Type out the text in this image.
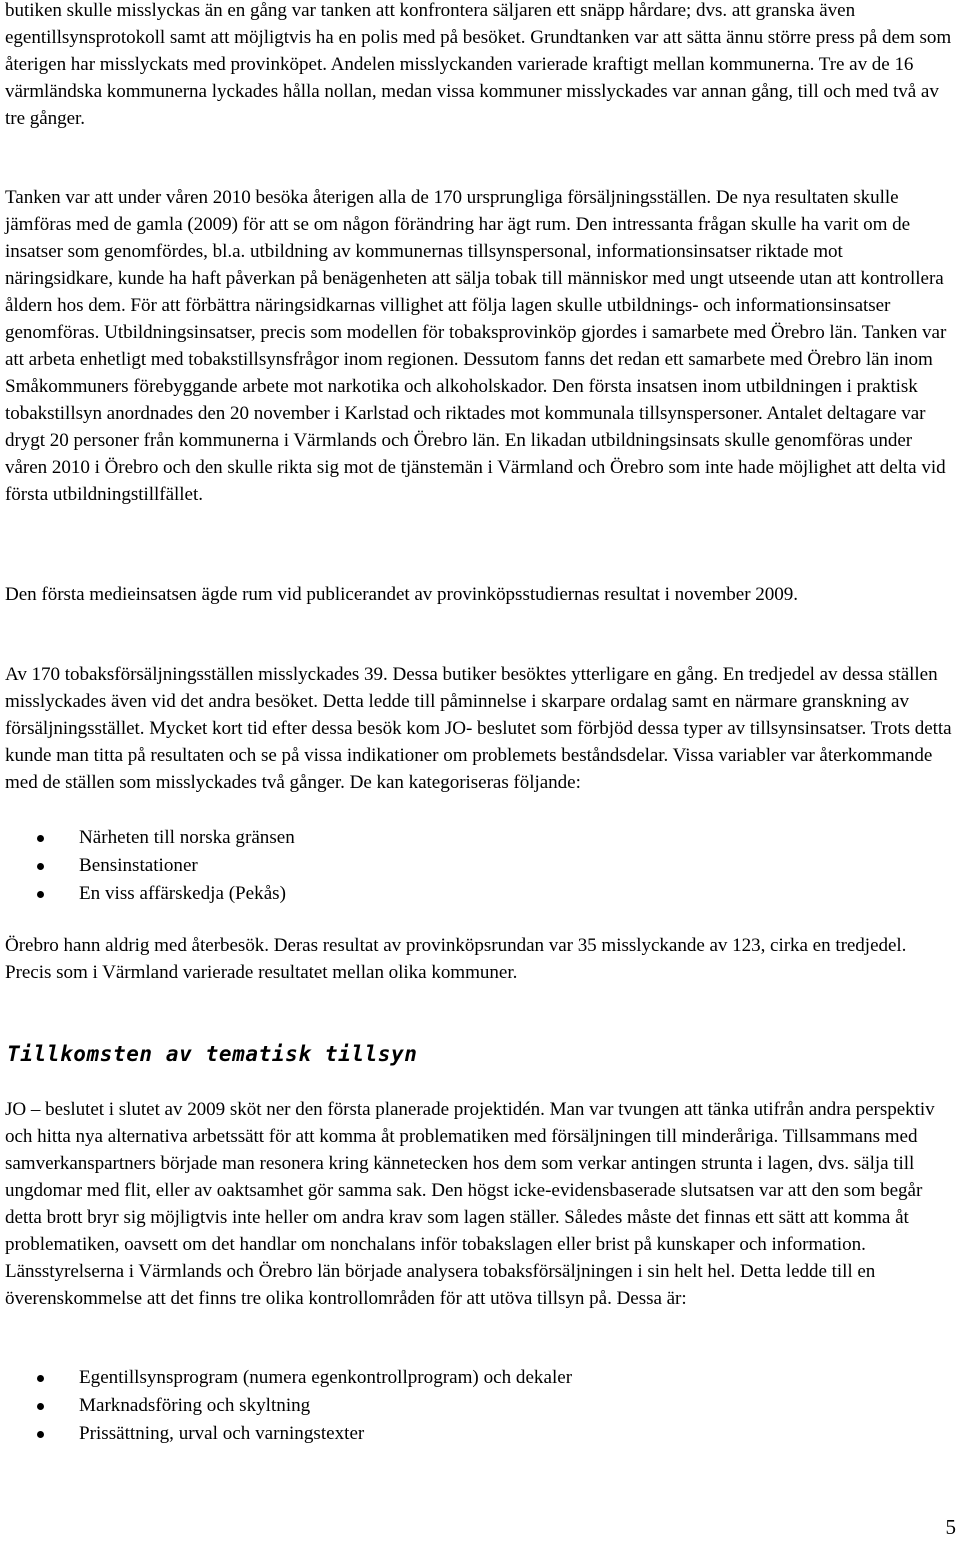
butiken skulle misslyckas än en gång var tanken att konfrontera säljaren ett snäpp hårdare; dvs. att granska även egentillsynsprotokoll samt att möjligtvis ha en polis med på besöket. Grundtanken var att sätta ännu större press på dem som återigen har misslyckats med provinköpet. Andelen misslyckanden varierade kraftigt mellan kommunerna. Tre av de 16 värmländska kommunerna lyckades hålla nollan, medan vissa kommuner misslyckades var annan gång, till och med två av tre gånger.

Tanken var att under våren 2010 besöka återigen alla de 170 ursprungliga försäljningsställen. De nya resultaten skulle jämföras med de gamla (2009) för att se om någon förändring har ägt rum. Den intressanta frågan skulle ha varit om de insatser som genomfördes, bl.a. utbildning av kommunernas tillsynspersonal, informationsinsatser riktade mot näringsidkare, kunde ha haft påverkan på benägenheten att sälja tobak till människor med ungt utseende utan att kontrollera åldern hos dem. För att förbättra näringsidkarnas villighet att följa lagen skulle utbildnings- och informationsinsatser genomföras. Utbildningsinsatser, precis som modellen för tobaksprovinköp gjordes i samarbete med Örebro län. Tanken var att arbeta enhetligt med tobakstillsynsfrågor inom regionen. Dessutom fanns det redan ett samarbete med Örebro län inom Småkommuners förebyggande arbete mot narkotika och alkoholskador. Den första insatsen inom utbildningen i praktisk tobakstillsyn anordnades den 20 november i Karlstad och riktades mot kommunala tillsynspersoner. Antalet deltagare var drygt 20 personer från kommunerna i Värmlands och Örebro län. En likadan utbildningsinsats skulle genomföras under våren 2010 i Örebro och den skulle rikta sig mot de tjänstemän i Värmland och Örebro som inte hade möjlighet att delta vid första utbildningstillfället.

Den första medieinsatsen ägde rum vid publicerandet av provinköpsstudiernas resultat i november 2009.

Av 170 tobaksförsäljningsställen misslyckades 39. Dessa butiker besöktes ytterligare en gång. En tredjedel av dessa ställen misslyckades även vid det andra besöket. Detta ledde till påminnelse i skarpare ordalag samt en närmare granskning av försäljningsstället. Mycket kort tid efter dessa besök kom JO- beslutet som förbjöd dessa typer av tillsynsinsatser. Trots detta kunde man titta på resultaten och se på vissa indikationer om problemets beståndsdelar. Vissa variabler var återkommande med de ställen som misslyckades två gånger. De kan kategoriseras följande:

Närheten till norska gränsen
Bensinstationer
En viss affärskedja (Pekås)

Örebro hann aldrig med återbesök. Deras resultat av provinköpsrundan var 35 misslyckande av 123, cirka en tredjedel. Precis som i Värmland varierade resultatet mellan olika kommuner.

Tillkomsten av tematisk tillsyn

JO – beslutet i slutet av 2009 sköt ner den första planerade projektidén. Man var tvungen att tänka utifrån andra perspektiv och hitta nya alternativa arbetssätt för att komma åt problematiken med försäljningen till minderåriga. Tillsammans med samverkanspartners började man resonera kring kännetecken hos dem som verkar antingen strunta i lagen, dvs. sälja till ungdomar med flit, eller av oaktsamhet gör samma sak. Den högst icke-evidensbaserade slutsatsen var att den som begår detta brott bryr sig möjligtvis inte heller om andra krav som lagen ställer. Således måste det finnas ett sätt att komma åt problematiken, oavsett om det handlar om nonchalans inför tobakslagen eller brist på kunskaper och information. Länsstyrelserna i Värmlands och Örebro län började analysera tobaksförsäljningen i sin helt hel. Detta ledde till en överenskommelse att det finns tre olika kontrollområden för att utöva tillsyn på. Dessa är:

Egentillsynsprogram (numera egenkontrollprogram) och dekaler
Marknadsföring och skyltning
Prissättning, urval och varningstexter
5
